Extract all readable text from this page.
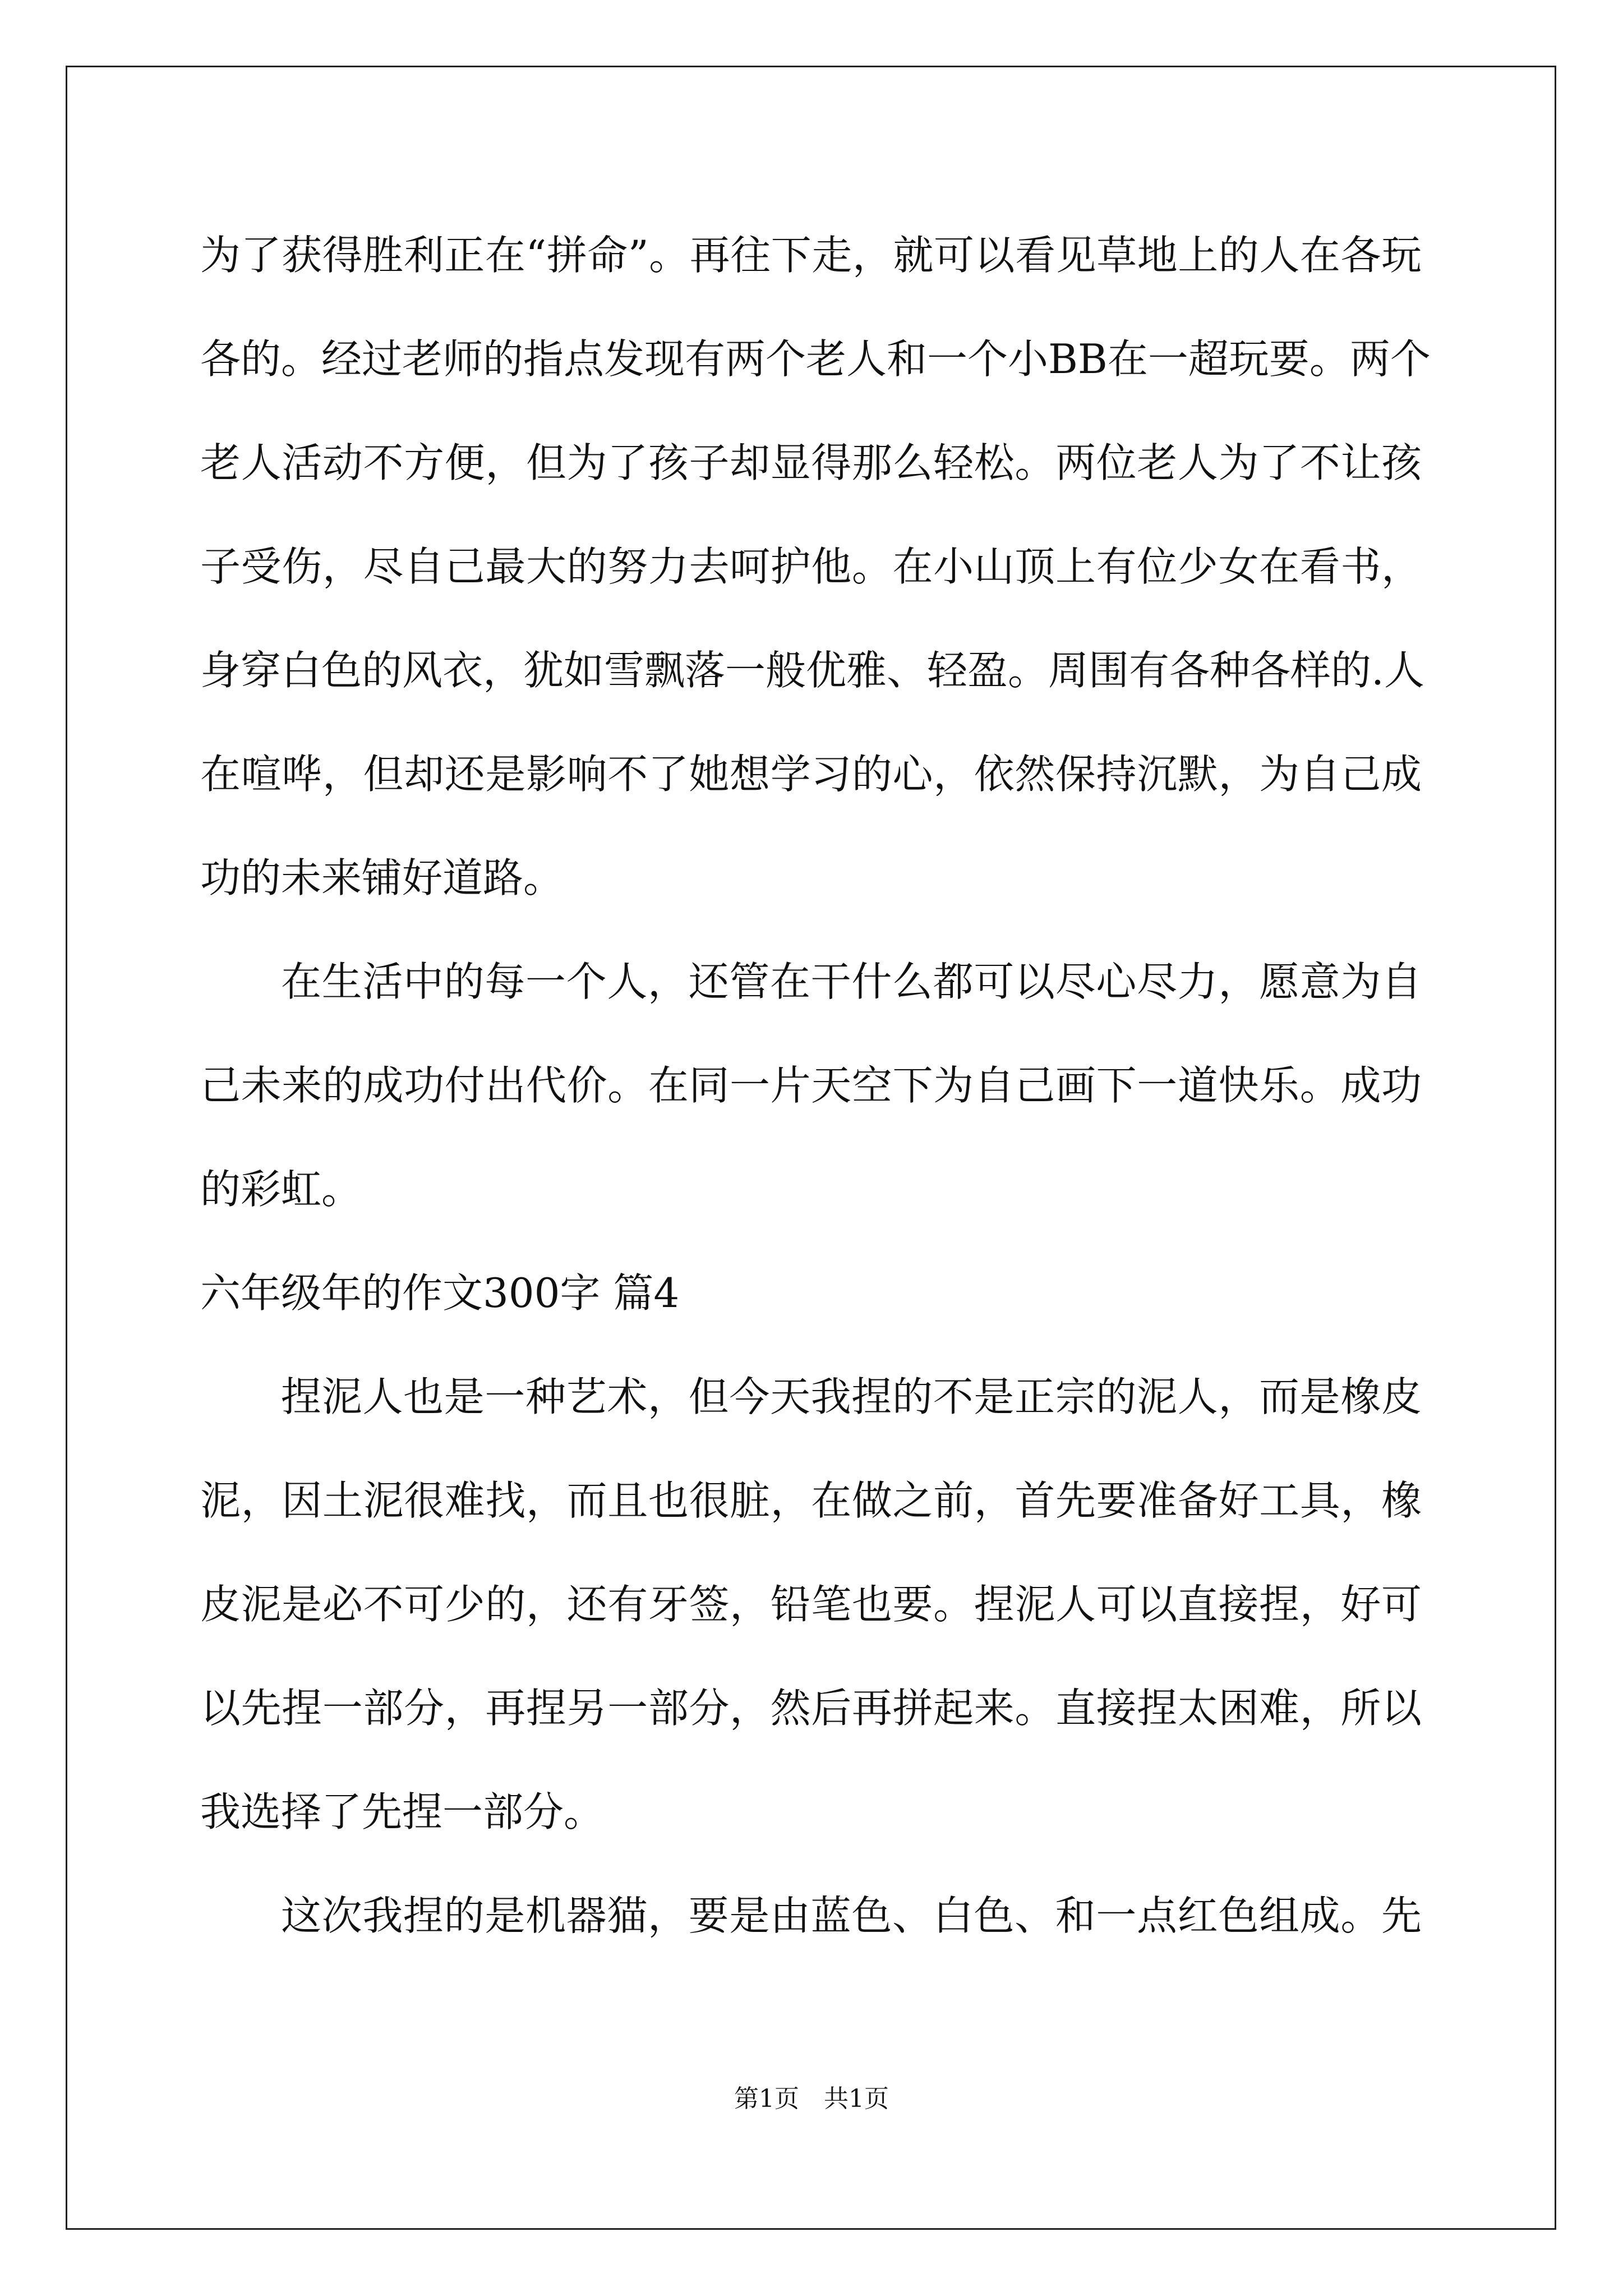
为了获得胜利正在“拼命”。再往下走，就可以看见草地上的人在各玩
各的。经过老师的指点发现有两个老人和一个小BB在一超玩要。两个
老人活动不方便，但为了孩子却显得那么轻松。两位老人为了不让孩
子受伤，尽自己最大的努力去呵护他。在小山顶上有位少女在看书，
身穿白色的风衣，犹如雪飘落一般优雅、轻盈。周围有各种各样的.人
在喧哗，但却还是影响不了她想学习的心，依然保持沉默，为自己成
功的未来铺好道路。
在生活中的每一个人，还管在干什么都可以尽心尽力，愿意为自
己未来的成功付出代价。在同一片天空下为自己画下一道快乐。成功
的彩虹。
六年级年的作文300字 篇4
捏泥人也是一种艺术，但今天我捏的不是正宗的泥人，而是橡皮
泥，因土泥很难找，而且也很脏，在做之前，首先要准备好工具，橡
皮泥是必不可少的，还有牙签，铅笔也要。捏泥人可以直接捏，好可
以先捏一部分，再捏另一部分，然后再拼起来。直接捏太困难，所以
我选择了先捏一部分。
这次我捏的是机器猫，要是由蓝色、白色、和一点红色组成。先
第1页  共1页
